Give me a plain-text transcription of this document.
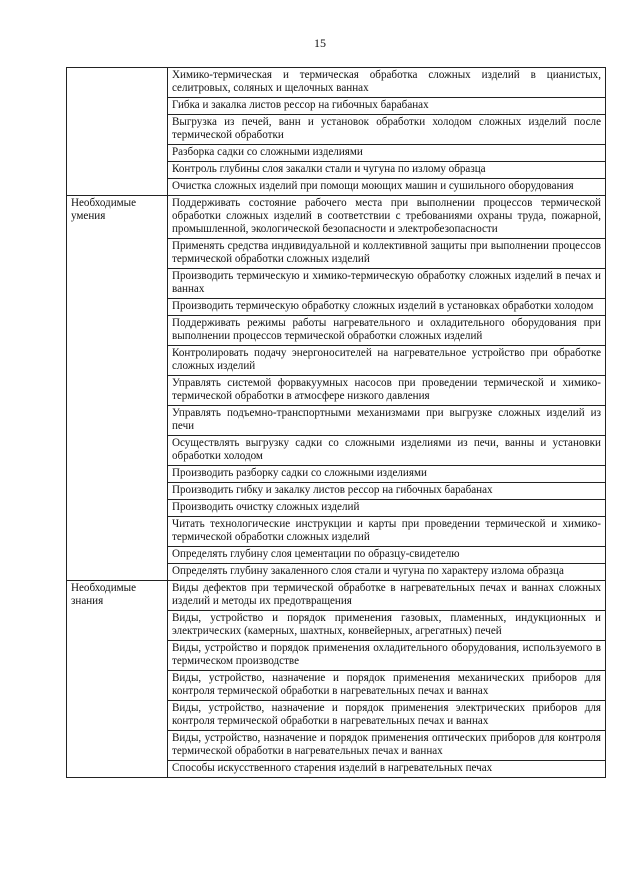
15
	Химико-термическая и термическая обработка сложных изделий в цианистых, селитровых, соляных и щелочных ваннах
	Гибка и закалка листов рессор на гибочных барабанах
	Выгрузка из печей, ванн и установок обработки холодом сложных изделий после термической обработки
	Разборка садки со сложными изделиями
	Контроль глубины слоя закалки стали и чугуна по излому образца
	Очистка сложных изделий при помощи моющих машин и сушильного оборудования
Необходимые умения	Поддерживать состояние рабочего места при выполнении процессов термической обработки сложных изделий в соответствии с требованиями охраны труда, пожарной, промышленной, экологической безопасности и электробезопасности
	Применять средства индивидуальной и коллективной защиты при выполнении процессов термической обработки сложных изделий
	Производить термическую и химико-термическую обработку сложных изделий в печах и ваннах
	Производить термическую обработку сложных изделий в установках обработки холодом
	Поддерживать режимы работы нагревательного и охладительного оборудования при выполнении процессов термической обработки сложных изделий
	Контролировать подачу энергоносителей на нагревательное устройство при обработке сложных изделий
	Управлять системой форвакуумных насосов при проведении термической и химико-термической обработки в атмосфере низкого давления
	Управлять подъемно-транспортными механизмами при выгрузке сложных изделий из печи
	Осуществлять выгрузку садки со сложными изделиями из печи, ванны и установки обработки холодом
	Производить разборку садки со сложными изделиями
	Производить гибку и закалку листов рессор на гибочных барабанах
	Производить очистку сложных изделий
	Читать технологические инструкции и карты при проведении термической и химико-термической обработки сложных изделий
	Определять глубину слоя цементации по образцу-свидетелю
	Определять глубину закаленного слоя стали и чугуна по характеру излома образца
Необходимые знания	Виды дефектов при термической обработке в нагревательных печах и ваннах сложных изделий и методы их предотвращения
	Виды, устройство и порядок применения газовых, пламенных, индукционных и электрических (камерных, шахтных, конвейерных, агрегатных) печей
	Виды, устройство и порядок применения охладительного оборудования, используемого в термическом производстве
	Виды, устройство, назначение и порядок применения механических приборов для контроля термической обработки в нагревательных печах и ваннах
	Виды, устройство, назначение и порядок применения электрических приборов для контроля термической обработки в нагревательных печах и ваннах
	Виды, устройство, назначение и порядок применения оптических приборов для контроля термической обработки в нагревательных печах и ваннах
	Способы искусственного старения изделий в нагревательных печах
